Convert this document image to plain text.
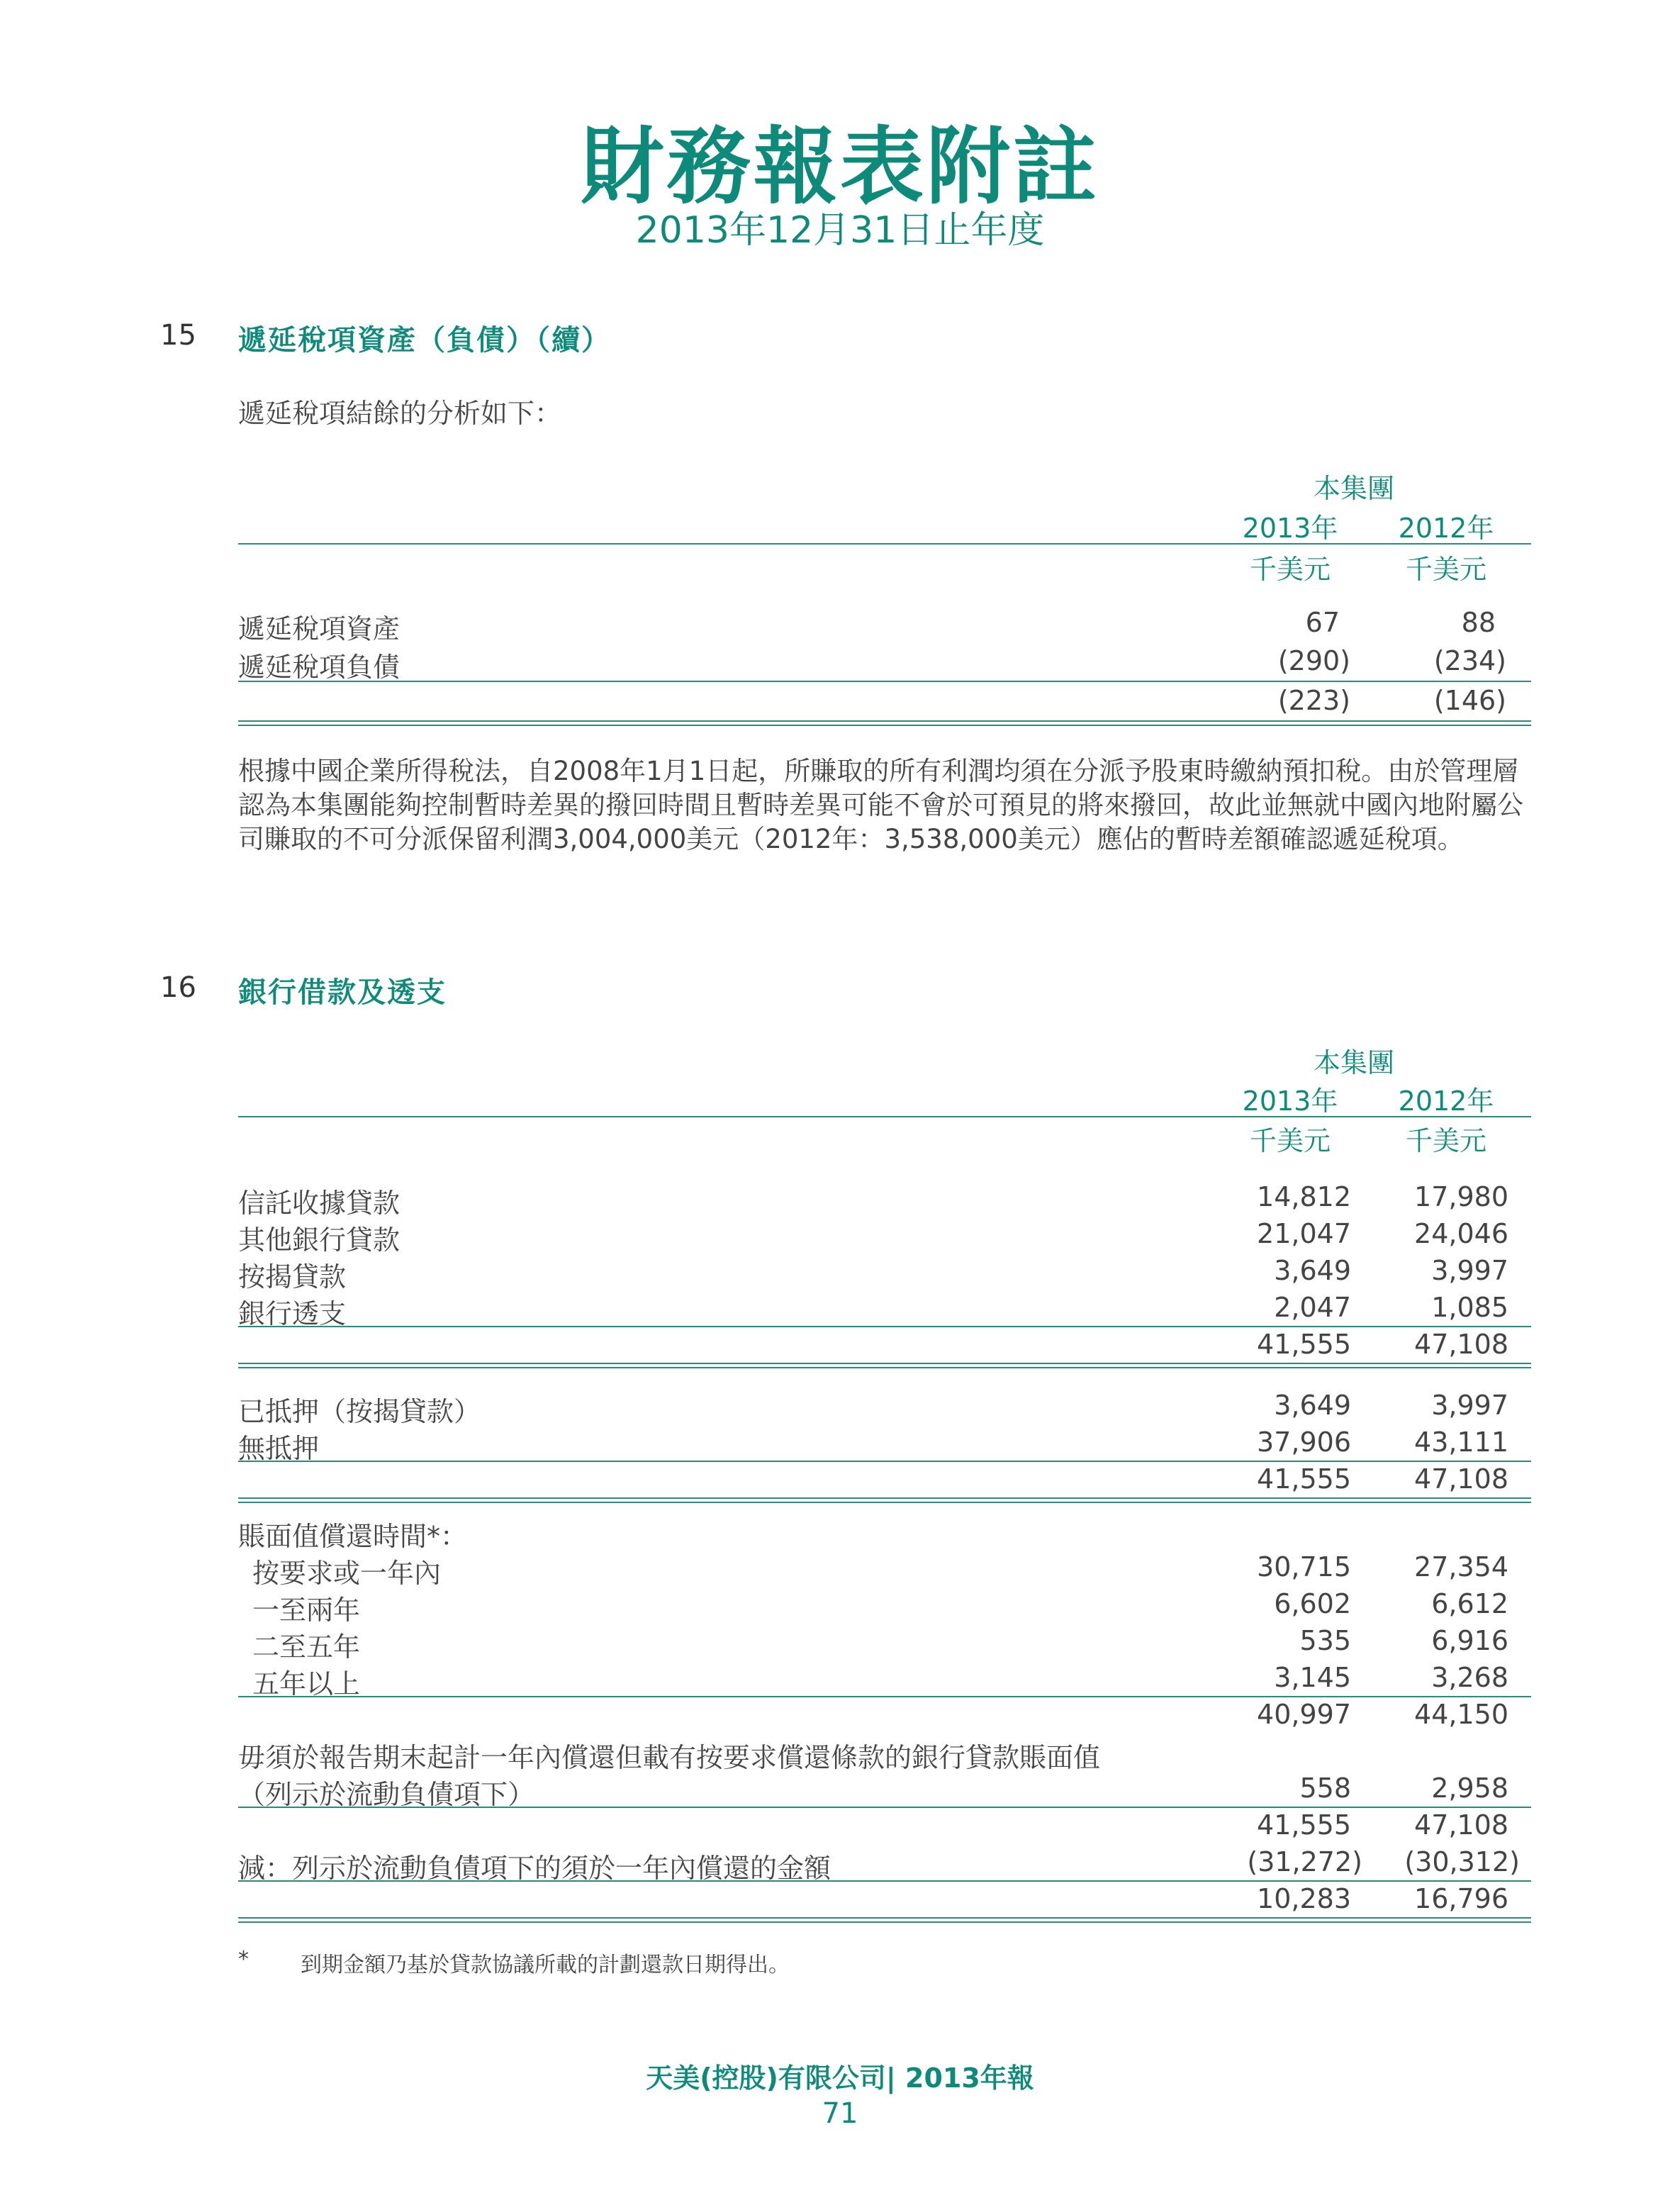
財務報表附註
2013年12月31日止年度
15 遞延稅項資產（負債）（續）
遞延稅項結餘的分析如下：
本集團
2013年	2012年
千美元	千美元
遞延稅項資產	67	88
遞延稅項負債	(290)	(234)
(223)	(146)
根據中國企業所得稅法，自2008年1月1日起，所賺取的所有利潤均須在分派予股東時繳納預扣稅。由於管理層認為本集團能夠控制暫時差異的撥回時間且暫時差異可能不會於可預見的將來撥回，故此並無就中國內地附屬公司賺取的不可分派保留利潤3,004,000美元（2012年：3,538,000美元）應佔的暫時差額確認遞延稅項。
16 銀行借款及透支
本集團
2013年	2012年
千美元	千美元
信託收據貸款	14,812	17,980
其他銀行貸款	21,047	24,046
按揭貸款	3,649	3,997
銀行透支	2,047	1,085
41,555	47,108
已抵押（按揭貸款）	3,649	3,997
無抵押	37,906	43,111
41,555	47,108
賬面值償還時間*：
按要求或一年內	30,715	27,354
一至兩年	6,602	6,612
二至五年	535	6,916
五年以上	3,145	3,268
40,997	44,150
毋須於報告期末起計一年內償還但載有按要求償還條款的銀行貸款賬面值
（列示於流動負債項下）	558	2,958
41,555	47,108
減：列示於流動負債項下的須於一年內償還的金額	(31,272)	(30,312)
10,283	16,796
* 到期金額乃基於貸款協議所載的計劃還款日期得出。
天美(控股)有限公司| 2013年報
71
